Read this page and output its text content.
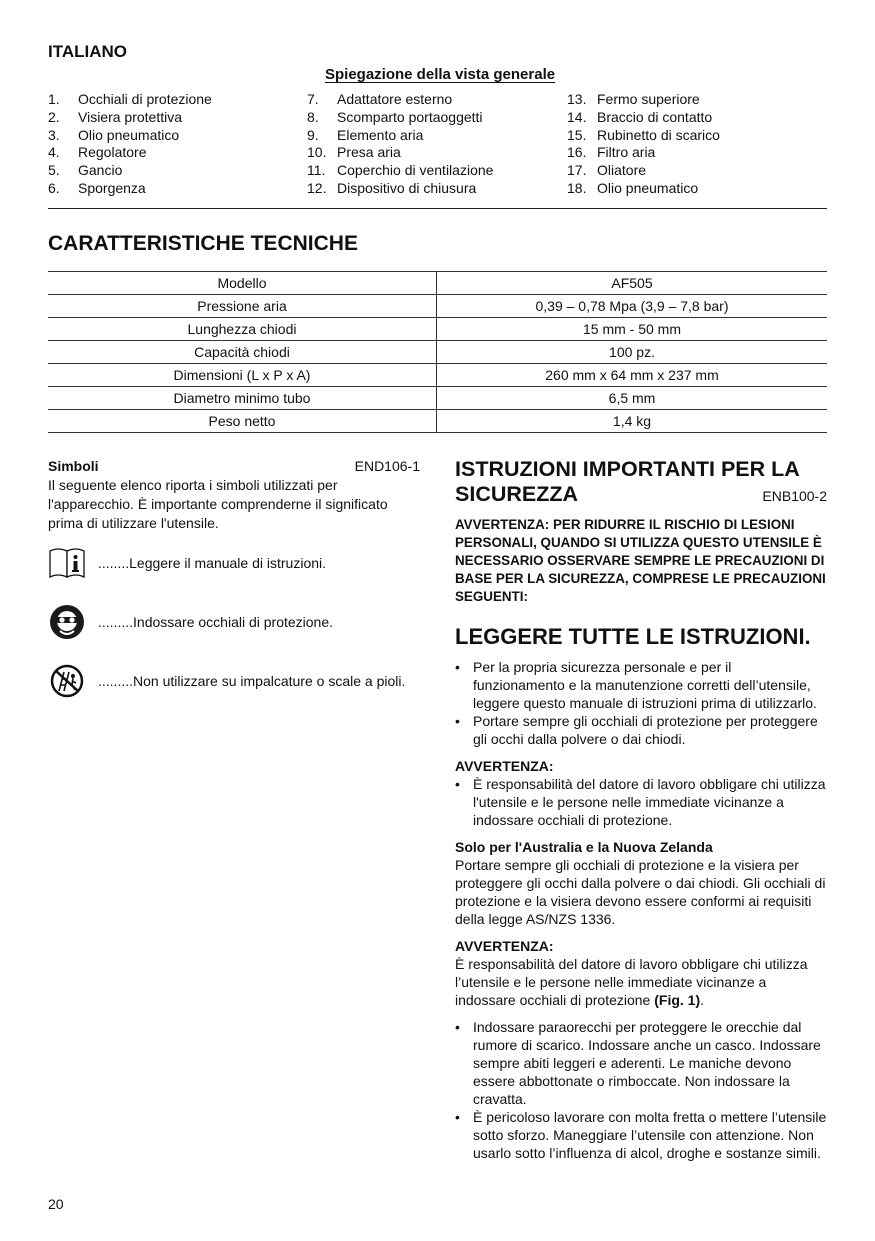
ITALIANO
Spiegazione della vista generale
1.	Occhiali di protezione
2.	Visiera protettiva
3.	Olio pneumatico
4.	Regolatore
5.	Gancio
6.	Sporgenza
7.	Adattatore esterno
8.	Scomparto portaoggetti
9.	Elemento aria
10. Presa aria
11. Coperchio di ventilazione
12. Dispositivo di chiusura
13. Fermo superiore
14. Braccio di contatto
15. Rubinetto di scarico
16. Filtro aria
17. Oliatore
18. Olio pneumatico
CARATTERISTICHE TECNICHE
Modello	AF505
Pressione aria	0,39 – 0,78 Mpa (3,9 – 7,8 bar)
Lunghezza chiodi	15 mm - 50 mm
Capacità chiodi	100 pz.
Dimensioni (L x P x A)	260 mm x 64 mm x 237 mm
Diametro minimo tubo	6,5 mm
Peso netto	1,4 kg
Simboli	END106-1
Il seguente elenco riporta i simboli utilizzati per l'apparecchio. È importante comprenderne il significato prima di utilizzare l'utensile.
........ Leggere il manuale di istruzioni.
......... Indossare occhiali di protezione.
......... Non utilizzare su impalcature o scale a pioli.
ISTRUZIONI IMPORTANTI PER LA
SICUREZZA	ENB100-2
AVVERTENZA: PER RIDURRE IL RISCHIO DI LESIONI PERSONALI, QUANDO SI UTILIZZA QUESTO UTENSILE È NECESSARIO OSSERVARE SEMPRE LE PRECAUZIONI DI BASE PER LA SICUREZZA, COMPRESE LE PRECAUZIONI SEGUENTI:
LEGGERE TUTTE LE ISTRUZIONI.
• Per la propria sicurezza personale e per il funzionamento e la manutenzione corretti dell’utensile, leggere questo manuale di istruzioni prima di utilizzarlo.
• Portare sempre gli occhiali di protezione per proteggere gli occhi dalla polvere o dai chiodi.
AVVERTENZA:
• È responsabilità del datore di lavoro obbligare chi utilizza l'utensile e le persone nelle immediate vicinanze a indossare occhiali di protezione.
Solo per l'Australia e la Nuova Zelanda
Portare sempre gli occhiali di protezione e la visiera per proteggere gli occhi dalla polvere o dai chiodi. Gli occhiali di protezione e la visiera devono essere conformi ai requisiti della legge AS/NZS 1336.
AVVERTENZA:
È responsabilità del datore di lavoro obbligare chi utilizza l’utensile e le persone nelle immediate vicinanze a indossare occhiali di protezione (Fig. 1).
• Indossare paraorecchi per proteggere le orecchie dal rumore di scarico. Indossare anche un casco. Indossare sempre abiti leggeri e aderenti. Le maniche devono essere abbottonate o rimboccate. Non indossare la cravatta.
• È pericoloso lavorare con molta fretta o mettere l’utensile sotto sforzo. Maneggiare l’utensile con attenzione. Non usarlo sotto l’influenza di alcol, droghe e sostanze simili.
20
